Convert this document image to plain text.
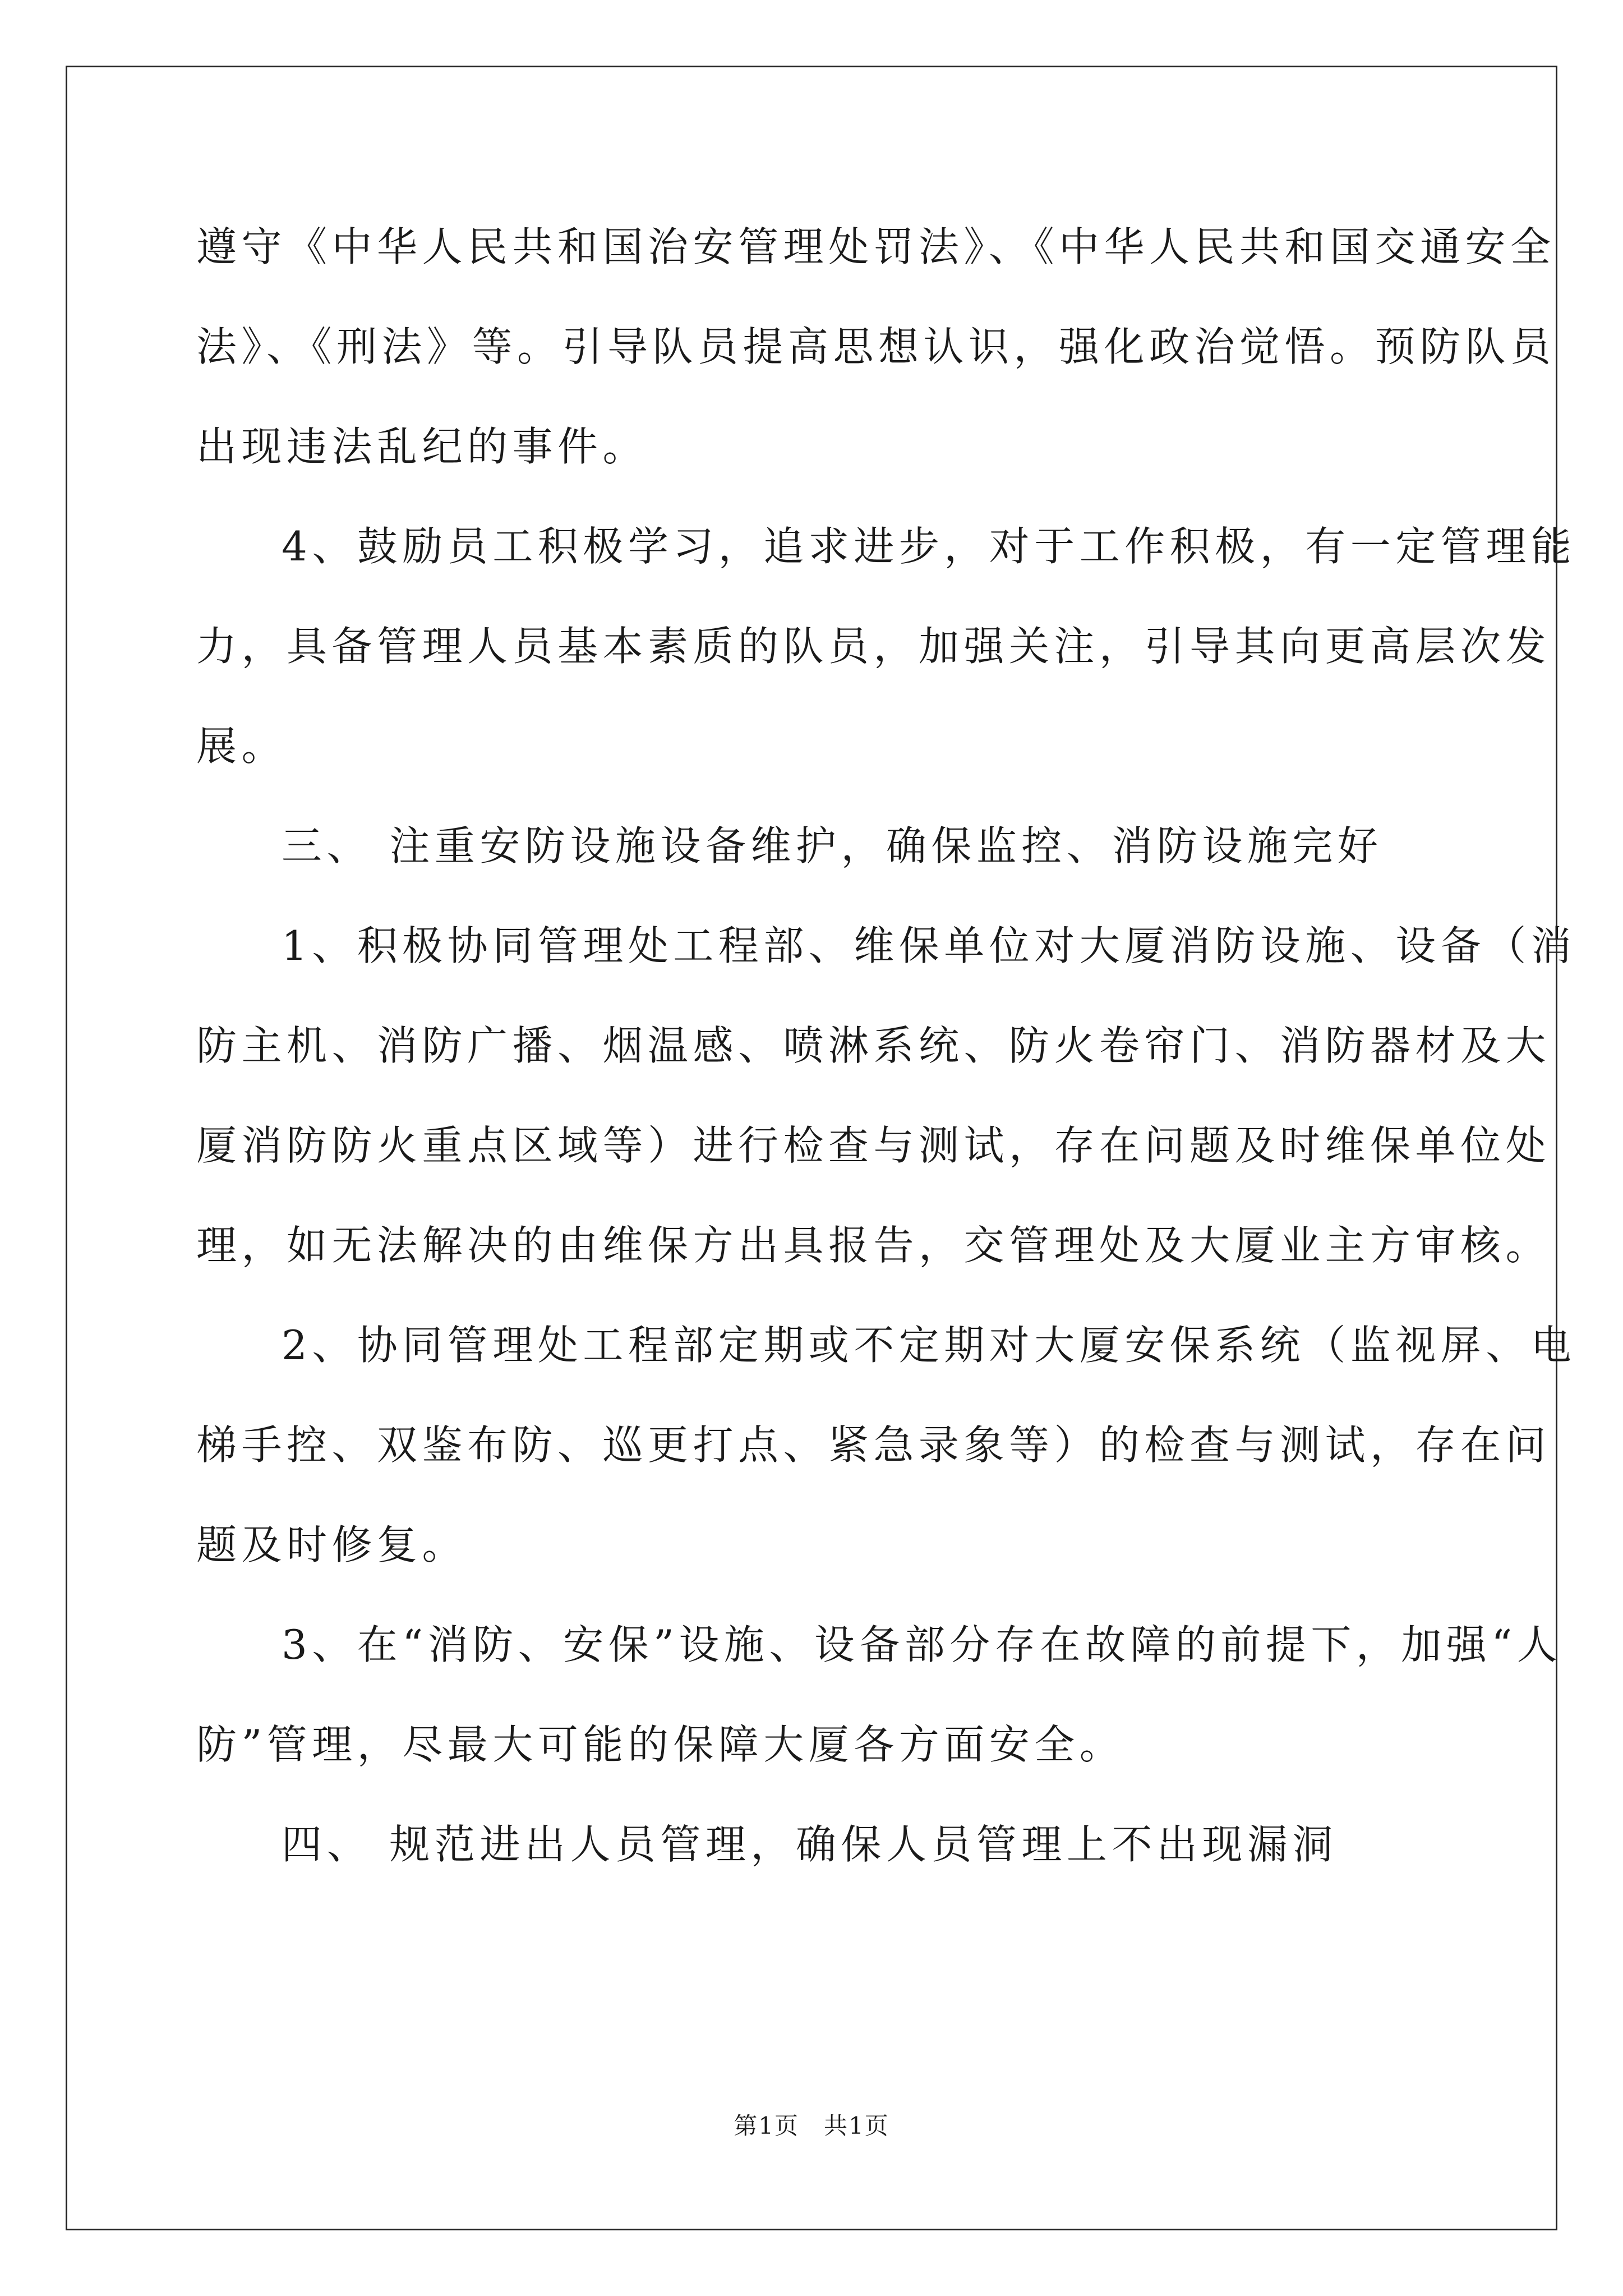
遵守《中华人民共和国治安管理处罚法》、《中华人民共和国交通安全
法》、《刑法》等。引导队员提高思想认识，强化政治觉悟。预防队员
出现违法乱纪的事件。
4、鼓励员工积极学习，追求进步，对于工作积极，有一定管理能
力，具备管理人员基本素质的队员，加强关注，引导其向更高层次发
展。
三、 注重安防设施设备维护，确保监控、消防设施完好
1、积极协同管理处工程部、维保单位对大厦消防设施、设备（消
防主机、消防广播、烟温感、喷淋系统、防火卷帘门、消防器材及大
厦消防防火重点区域等）进行检查与测试，存在问题及时维保单位处
理，如无法解决的由维保方出具报告，交管理处及大厦业主方审核。
2、协同管理处工程部定期或不定期对大厦安保系统（监视屏、电
梯手控、双鉴布防、巡更打点、紧急录象等）的检查与测试，存在问
题及时修复。
3、在“消防、安保”设施、设备部分存在故障的前提下，加强“人
防”管理，尽最大可能的保障大厦各方面安全。
四、 规范进出人员管理，确保人员管理上不出现漏洞
第1页　共1页
